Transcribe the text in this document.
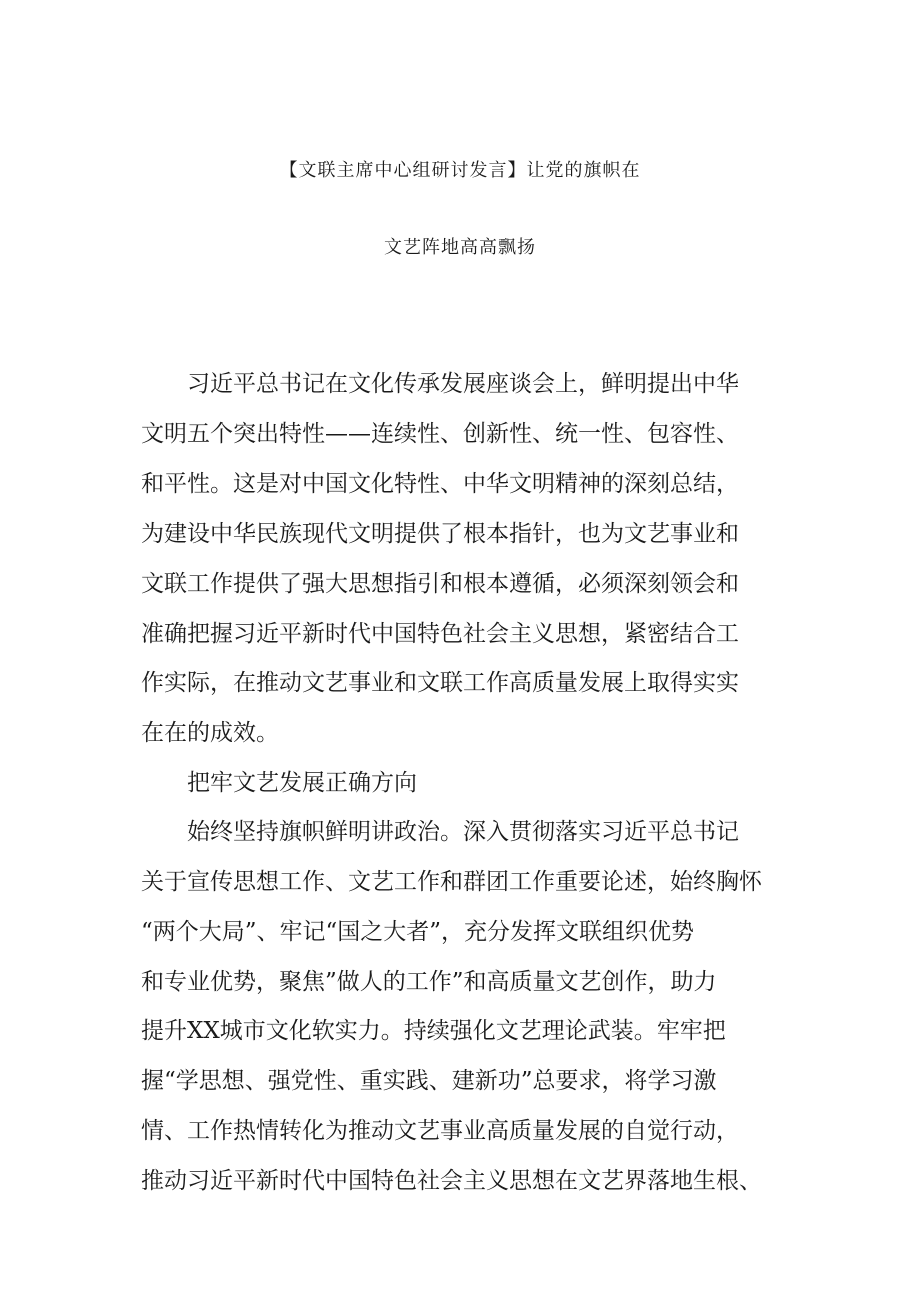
【文联主席中心组研讨发言】让党的旗帜在
文艺阵地高高飘扬
　　习近平总书记在文化传承发展座谈会上，鲜明提出中华
文明五个突出特性——连续性、创新性、统一性、包容性、
和平性。这是对中国文化特性、中华文明精神的深刻总结，
为建设中华民族现代文明提供了根本指针，也为文艺事业和
文联工作提供了强大思想指引和根本遵循，必须深刻领会和
准确把握习近平新时代中国特色社会主义思想，紧密结合工
作实际，在推动文艺事业和文联工作高质量发展上取得实实
在在的成效。
　　把牢文艺发展正确方向
　　始终坚持旗帜鲜明讲政治。深入贯彻落实习近平总书记
关于宣传思想工作、文艺工作和群团工作重要论述，始终胸怀
“两个大局”、牢记“国之大者”，充分发挥文联组织优势
和专业优势，聚焦”做人的工作”和高质量文艺创作，助力
提升XX城市文化软实力。持续强化文艺理论武装。牢牢把
握“学思想、强党性、重实践、建新功”总要求，将学习激
情、工作热情转化为推动文艺事业高质量发展的自觉行动，
推动习近平新时代中国特色社会主义思想在文艺界落地生根、
